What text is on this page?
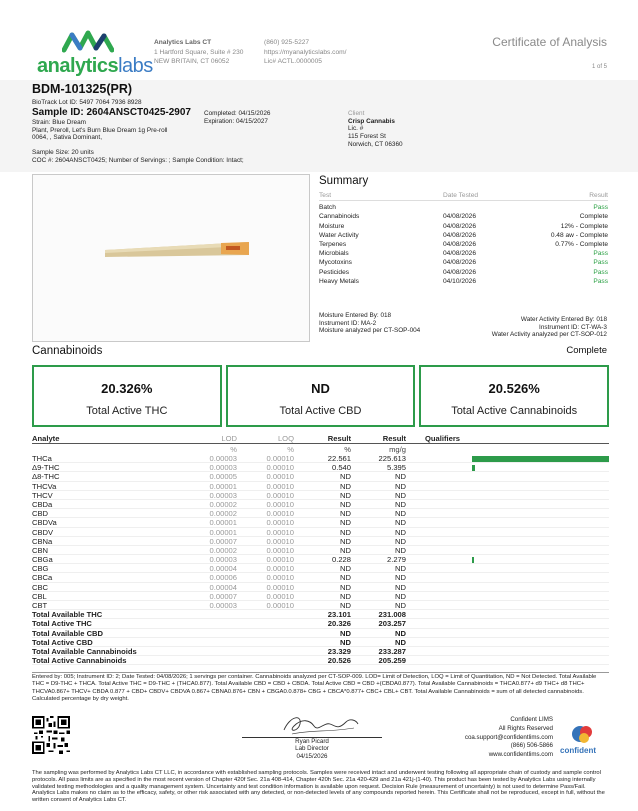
analyticslabs
Analytics Labs CT
1 Hartford Square, Suite # 230
NEW BRITAIN, CT 06052
(860) 925-5227
https://myanalyticslabs.com/
Lic# ACTL.0000005
Certificate of Analysis
1 of 5
BDM-101325(PR)
BioTrack Lot ID: 5497 7064 7936 8928
Sample ID: 2604ANSCT0425-2907
Strain: Blue Dream
Plant, Preroll, Let's Burn Blue Dream 1g Pre-roll
0064, , Sativa Dominant,
Completed: 04/15/2026
Expiration: 04/15/2027
Sample Size: 20 units
COC #: 2604ANSCT0425; Number of Servings: ; Sample Condition: Intact;
Client
Crisp Cannabis
Lic. #
115 Forest St
Norwich, CT 06360
Summary
Test	Date Tested	Result
Batch	Pass
Cannabinoids	04/08/2026	Complete
Moisture	04/08/2026	12% - Complete
Water Activity	04/08/2026	0.48 aw - Complete
Terpenes	04/08/2026	0.77% - Complete
Microbials	04/08/2026	Pass
Mycotoxins	04/08/2026	Pass
Pesticides	04/08/2026	Pass
Heavy Metals	04/10/2026	Pass
Moisture Entered By: 018
Instrument ID: MA-2
Moisture analyzed per CT-SOP-004
Water Activity Entered By: 018
Instrument ID: CT-WA-3
Water Activity analyzed per CT-SOP-012
Cannabinoids	Complete
20.326%
Total Active THC
ND
Total Active CBD
20.526%
Total Active Cannabinoids
Analyte	LOD	LOQ	Result	Result	Qualifiers
%	%	%	mg/g
THCa	0.00003	0.00010	22.561	225.613
Δ9-THC	0.00003	0.00010	0.540	5.395
Δ8-THC	0.00005	0.00010	ND	ND
THCVa	0.00001	0.00010	ND	ND
THCV	0.00003	0.00010	ND	ND
CBDa	0.00002	0.00010	ND	ND
CBD	0.00002	0.00010	ND	ND
CBDVa	0.00001	0.00010	ND	ND
CBDV	0.00001	0.00010	ND	ND
CBNa	0.00007	0.00010	ND	ND
CBN	0.00002	0.00010	ND	ND
CBGa	0.00003	0.00010	0.228	2.279
CBG	0.00004	0.00010	ND	ND
CBCa	0.00006	0.00010	ND	ND
CBC	0.00004	0.00010	ND	ND
CBL	0.00007	0.00010	ND	ND
CBT	0.00003	0.00010	ND	ND
Total Available THC	23.101	231.008
Total Active THC	20.326	203.257
Total Available CBD	ND	ND
Total Active CBD	ND	ND
Total Available Cannabinoids	23.329	233.287
Total Active Cannabinoids	20.526	205.259
Entered by: 005; Instrument ID: 2; Date Tested: 04/08/2026; 1 servings per container. Cannabinoids analyzed per CT-SOP-009. LOD= Limit of Detection, LOQ = Limit of Quantitation, ND = Not Detected. Total Available THC = D9-THC + THCA. Total Active THC = D9-THC + (THCA0.877). Total Available CBD = CBD + CBDA. Total Active CBD = CBD +(CBDA0.877). Total Available Cannabinoids = THCA0.877+ d9 THC+ d8 THC+ THCVA0.867+ THCV+ CBDA 0.877 + CBD+ CBDV+ CBDVA 0.867+ CBNA0.876+ CBN + CBGA0.0.878+ CBG + CBCA*0.877+ CBC+ CBL+ CBT. Total Available Cannabinoids = sum of all detected cannabinoids. Calculated percentage by dry weight.
Ryan Picard
Lab Director
04/15/2026
Confident LIMS
All Rights Reserved
coa.support@confidentlims.com
(866) 506-5866
www.confidentlims.com confident
The sampling was performed by Analytics Labs CT LLC, in accordance with established sampling protocols. Samples were received intact and underwent testing following all appropriate chain of custody and sample control protocols. All pass limits are as specified in the most recent version of Chapter 420f Sec. 21a 408-414, Chapter 420h Sec. 21a 420-429 and 21a 421j-(1-40). This product has been tested by Analytics Labs using internally validated testing methodologies and a quality management system. Uncertainty and test condition information is available upon request. Decision Rule (measurement of uncertainty) is not used to determine Pass/Fail. Analytics Labs makes no claim as to the efficacy, safety, or other risk associated with any detected, or non-detected levels of any compounds reported herein. This Certificate shall not be reproduced, except in full, without the written consent of Analytics Labs CT.
